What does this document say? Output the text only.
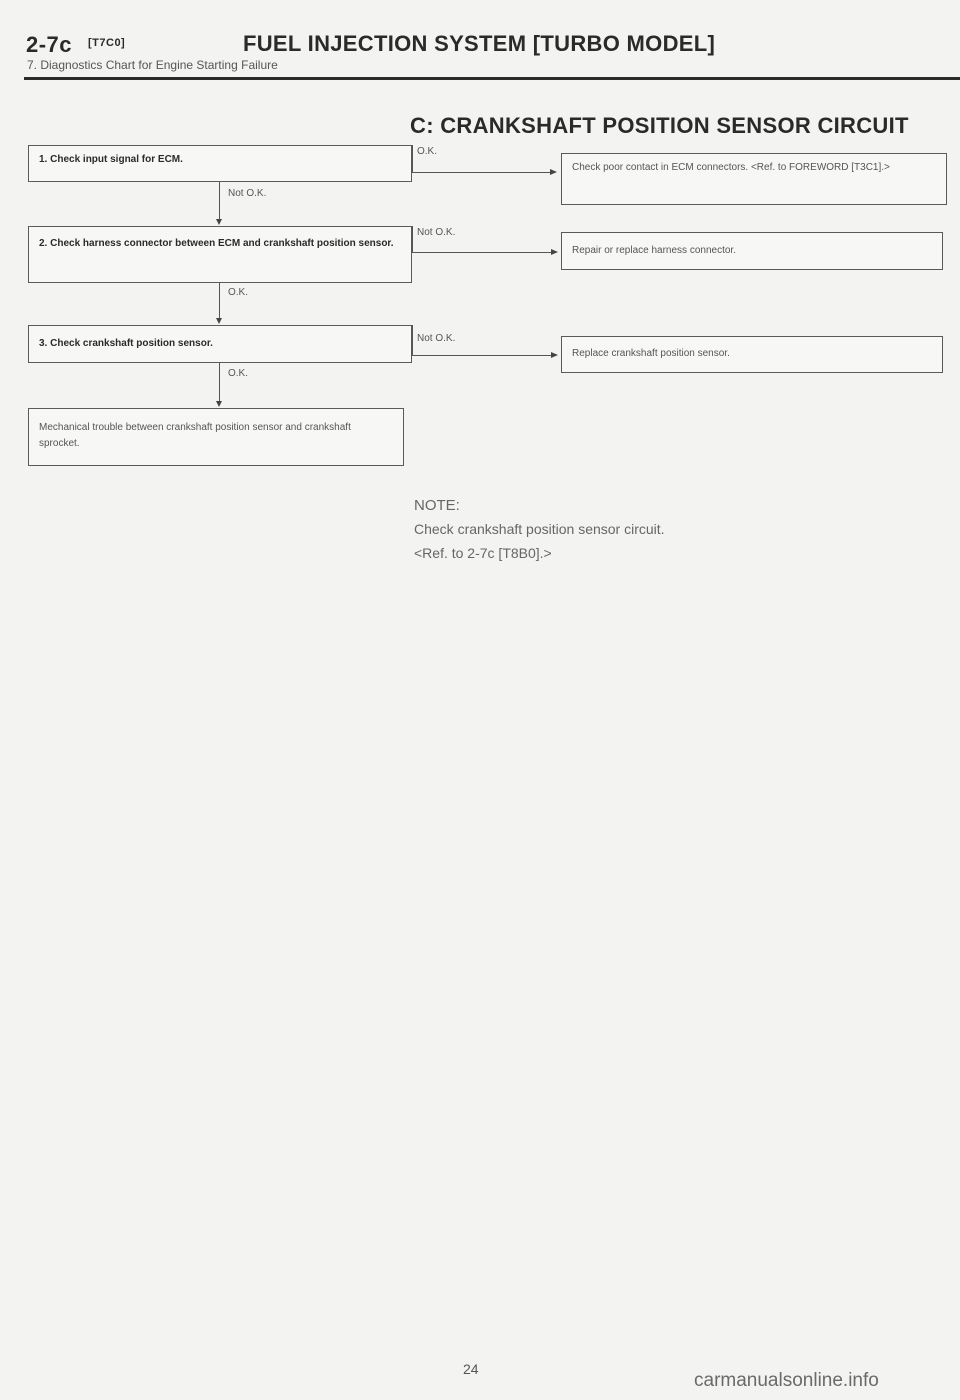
2-7c [T7C0]	FUEL INJECTION SYSTEM [TURBO MODEL]
7. Diagnostics Chart for Engine Starting Failure
C: CRANKSHAFT POSITION SENSOR CIRCUIT
1. Check input signal for ECM.
2. Check harness connector between ECM and crankshaft position sensor.
3. Check crankshaft position sensor.
Mechanical trouble between crankshaft position sensor and crankshaft sprocket.
Not O.K.
O.K.
O.K.
O.K.
Not O.K.
Not O.K.
Check poor contact in ECM connectors. <Ref. to FOREWORD [T3C1].>
Repair or replace harness connector.
Replace crankshaft position sensor.
NOTE:
Check crankshaft position sensor circuit.
<Ref. to 2-7c [T8B0].>
24
carmanualsonline.info
